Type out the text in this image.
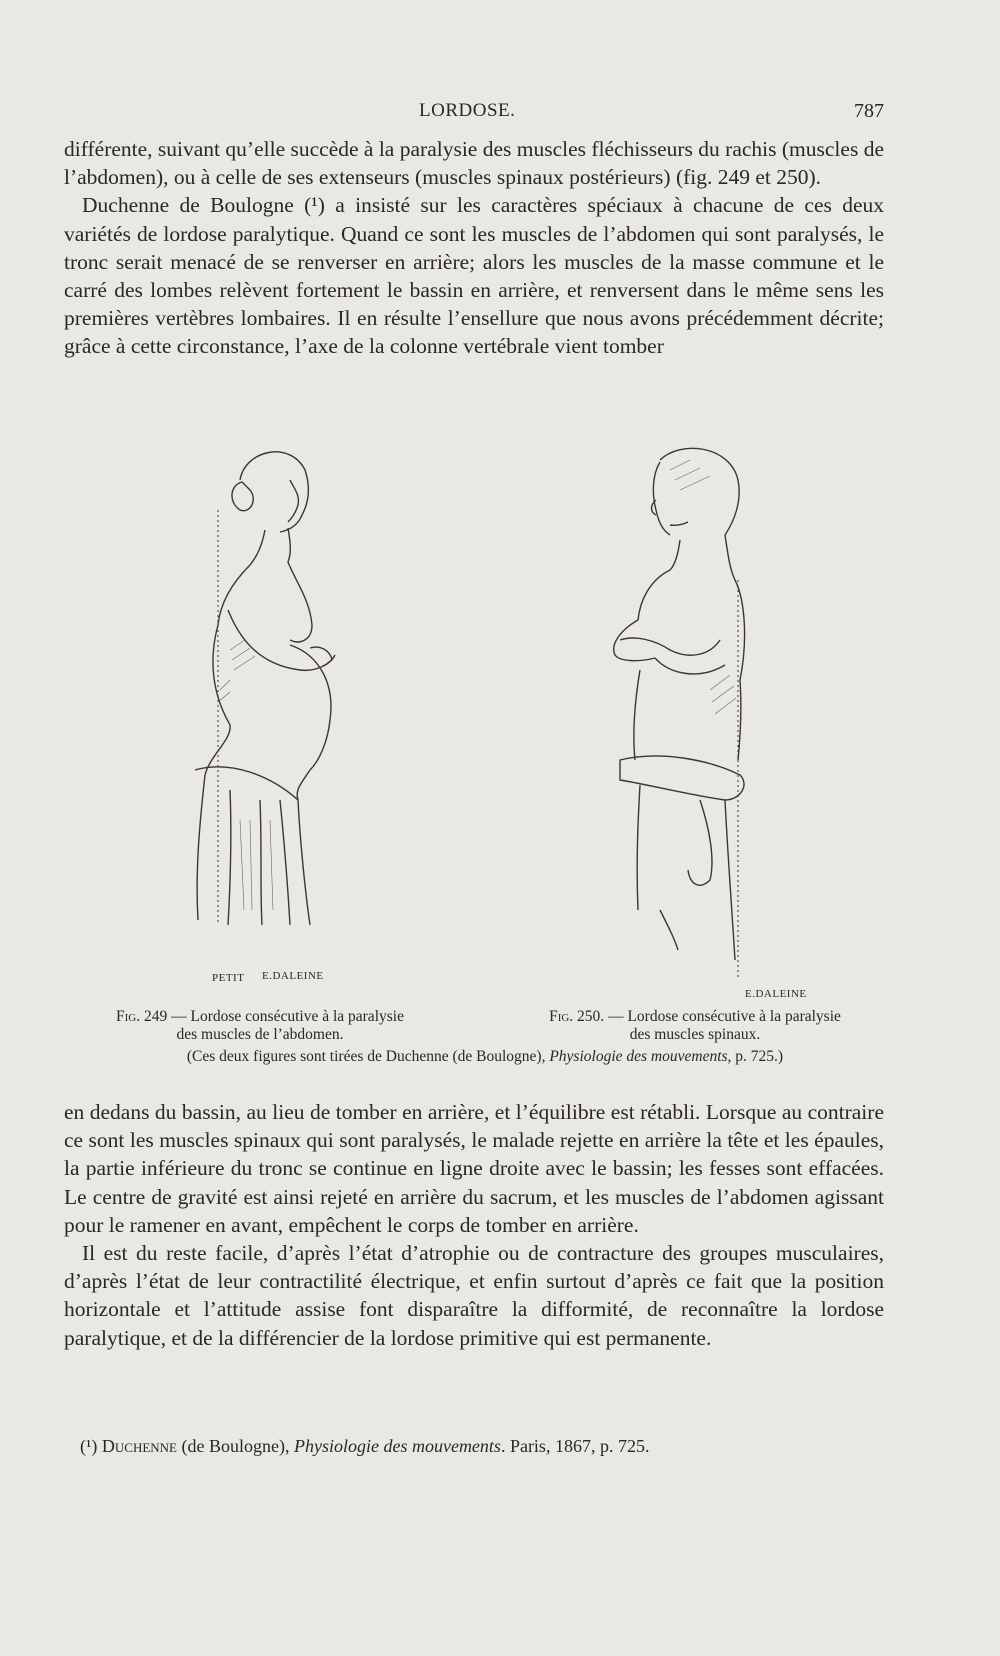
LORDOSE.	787

différente, suivant qu’elle succède à la paralysie des muscles fléchisseurs du rachis (muscles de l’abdomen), ou à celle de ses extenseurs (muscles spinaux postérieurs) (fig. 249 et 250).

Duchenne de Boulogne (¹) a insisté sur les caractères spéciaux à chacune de ces deux variétés de lordose paralytique. Quand ce sont les muscles de l’abdomen qui sont paralysés, le tronc serait menacé de se renverser en arrière; alors les muscles de la masse commune et le carré des lombes relèvent fortement le bassin en arrière, et renversent dans le même sens les premières vertèbres lombaires. Il en résulte l’ensellure que nous avons précédemment décrite; grâce à cette circonstance, l’axe de la colonne vertébrale vient tomber

PETIT E.DALEINE
E.DALEINE
Fig. 249 — Lordose consécutive à la paralysie
des muscles de l’abdomen.
Fig. 250. — Lordose consécutive à la paralysie
des muscles spinaux.
(Ces deux figures sont tirées de Duchenne (de Boulogne), Physiologie des mouvements, p. 725.)

en dedans du bassin, au lieu de tomber en arrière, et l’équilibre est rétabli. Lorsque au contraire ce sont les muscles spinaux qui sont paralysés, le malade rejette en arrière la tête et les épaules, la partie inférieure du tronc se continue en ligne droite avec le bassin; les fesses sont effacées. Le centre de gravité est ainsi rejeté en arrière du sacrum, et les muscles de l’abdomen agissant pour le ramener en avant, empêchent le corps de tomber en arrière.

Il est du reste facile, d’après l’état d’atrophie ou de contracture des groupes musculaires, d’après l’état de leur contractilité électrique, et enfin surtout d’après ce fait que la position horizontale et l’attitude assise font disparaître la difformité, de reconnaître la lordose paralytique, et de la différencier de la lordose primitive qui est permanente.

(¹) Duchenne (de Boulogne), Physiologie des mouvements. Paris, 1867, p. 725.
